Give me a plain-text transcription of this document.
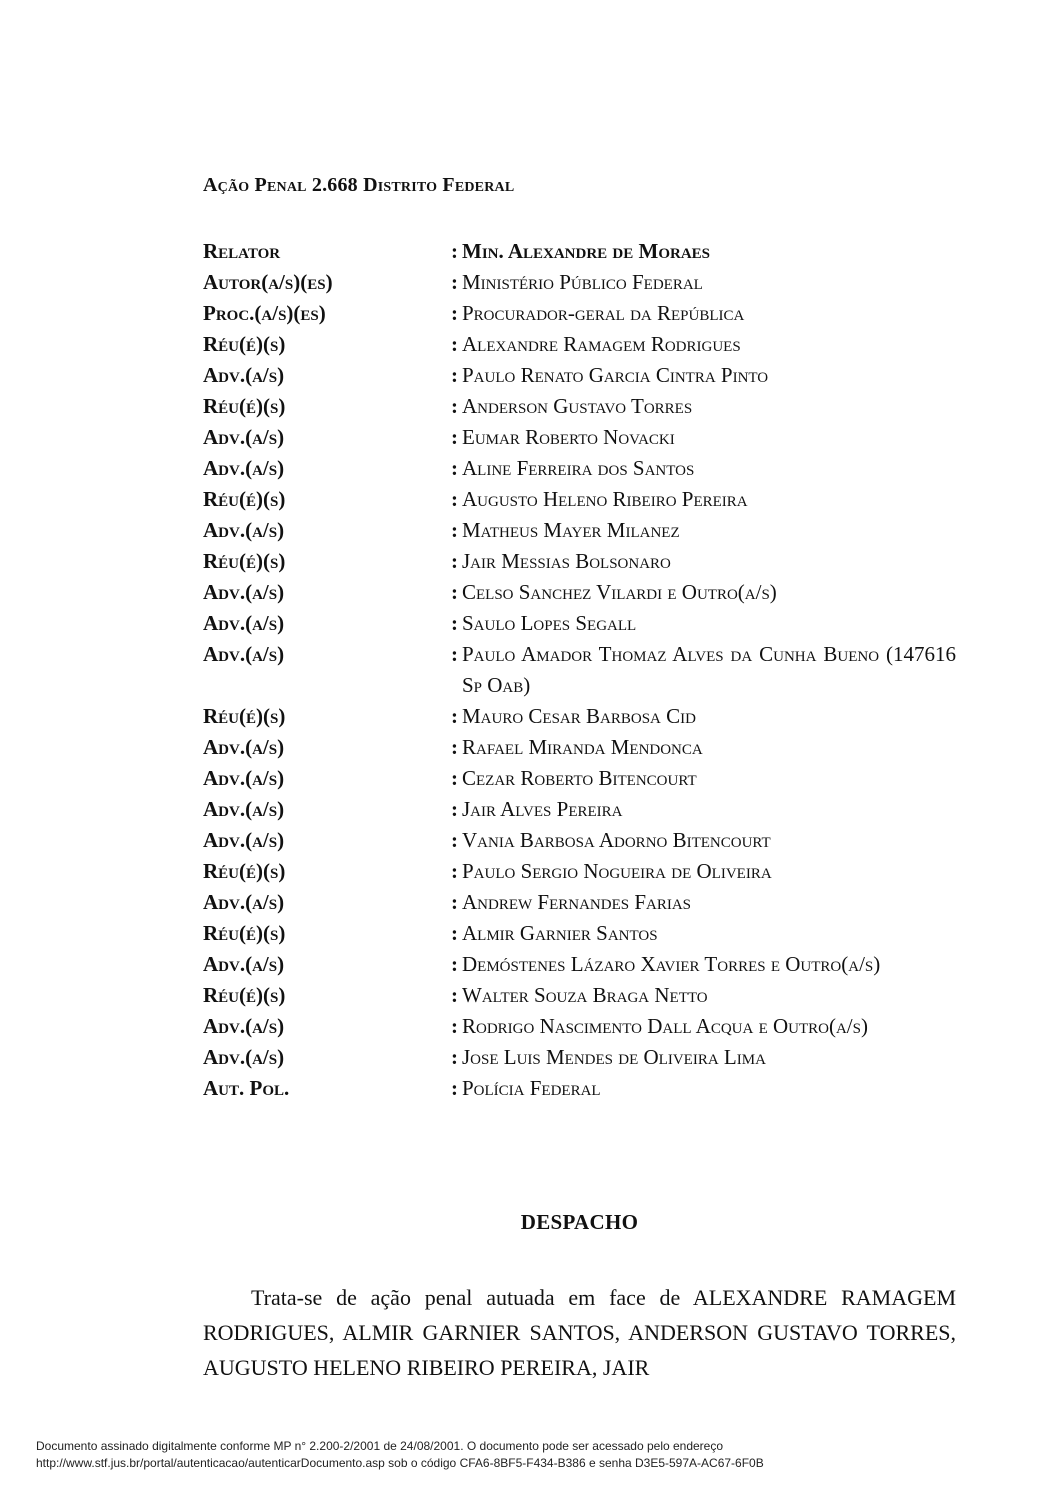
Ação Penal 2.668 Distrito Federal
Relator	: Min. Alexandre de Moraes
Autor(a/s)(es)	: Ministério Público Federal
Proc.(a/s)(es)	: Procurador-geral da República
Réu(é)(s)	: Alexandre Ramagem Rodrigues
Adv.(a/s)	: Paulo Renato Garcia Cintra Pinto
Réu(é)(s)	: Anderson Gustavo Torres
Adv.(a/s)	: Eumar Roberto Novacki
Adv.(a/s)	: Aline Ferreira dos Santos
Réu(é)(s)	: Augusto Heleno Ribeiro Pereira
Adv.(a/s)	: Matheus Mayer Milanez
Réu(é)(s)	: Jair Messias Bolsonaro
Adv.(a/s)	: Celso Sanchez Vilardi e Outro(a/s)
Adv.(a/s)	: Saulo Lopes Segall
Adv.(a/s)	: Paulo Amador Thomaz Alves da Cunha Bueno (147616 Sp Oab)
Réu(é)(s)	: Mauro Cesar Barbosa Cid
Adv.(a/s)	: Rafael Miranda Mendonca
Adv.(a/s)	: Cezar Roberto Bitencourt
Adv.(a/s)	: Jair Alves Pereira
Adv.(a/s)	: Vania Barbosa Adorno Bitencourt
Réu(é)(s)	: Paulo Sergio Nogueira de Oliveira
Adv.(a/s)	: Andrew Fernandes Farias
Réu(é)(s)	: Almir Garnier Santos
Adv.(a/s)	: Demóstenes Lázaro Xavier Torres e Outro(a/s)
Réu(é)(s)	: Walter Souza Braga Netto
Adv.(a/s)	: Rodrigo Nascimento Dall Acqua e Outro(a/s)
Adv.(a/s)	: Jose Luis Mendes de Oliveira Lima
Aut. Pol.	: Polícia Federal
DESPACHO

Trata-se de ação penal autuada em face de ALEXANDRE RAMAGEM RODRIGUES, ALMIR GARNIER SANTOS, ANDERSON GUSTAVO TORRES, AUGUSTO HELENO RIBEIRO PEREIRA, JAIR

Documento assinado digitalmente conforme MP n° 2.200-2/2001 de 24/08/2001. O documento pode ser acessado pelo endereço
http://www.stf.jus.br/portal/autenticacao/autenticarDocumento.asp sob o código CFA6-8BF5-F434-B386 e senha D3E5-597A-AC67-6F0B
